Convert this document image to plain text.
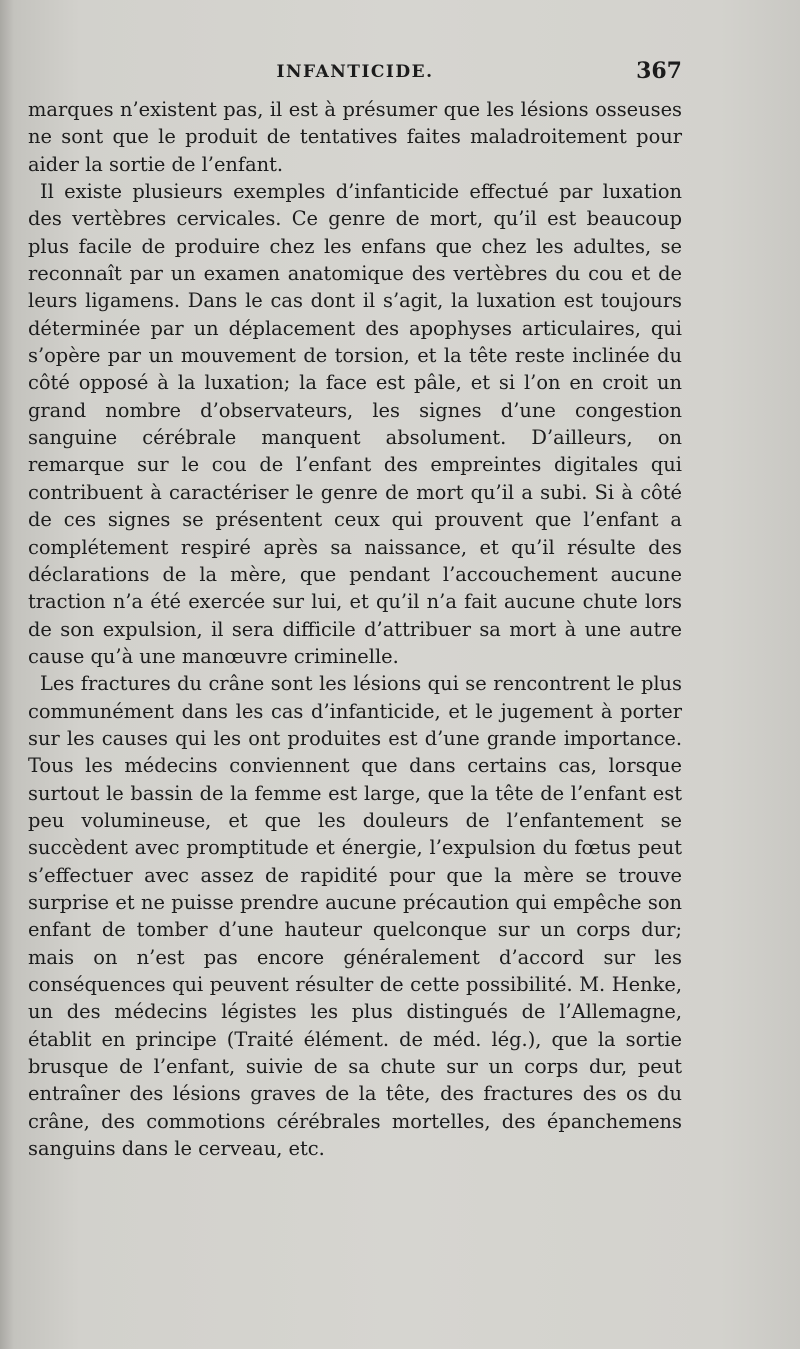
INFANTICIDE.	367

marques n’existent pas, il est à présumer que les lésions osseuses ne sont que le produit de tentatives faites maladroitement pour aider la sortie de l’enfant.

Il existe plusieurs exemples d’infanticide effectué par luxation des vertèbres cervicales. Ce genre de mort, qu’il est beaucoup plus facile de produire chez les enfans que chez les adultes, se reconnaît par un examen anatomique des vertèbres du cou et de leurs ligamens. Dans le cas dont il s’agit, la luxation est toujours déterminée par un déplacement des apophyses articulaires, qui s’opère par un mouvement de torsion, et la tête reste inclinée du côté opposé à la luxation; la face est pâle, et si l’on en croit un grand nombre d’observateurs, les signes d’une congestion sanguine cérébrale manquent absolument. D’ailleurs, on remarque sur le cou de l’enfant des empreintes digitales qui contribuent à caractériser le genre de mort qu’il a subi. Si à côté de ces signes se présentent ceux qui prouvent que l’enfant a complétement respiré après sa naissance, et qu’il résulte des déclarations de la mère, que pendant l’accouchement aucune traction n’a été exercée sur lui, et qu’il n’a fait aucune chute lors de son expulsion, il sera difficile d’attribuer sa mort à une autre cause qu’à une manœuvre criminelle.

Les fractures du crâne sont les lésions qui se rencontrent le plus communément dans les cas d’infanticide, et le jugement à porter sur les causes qui les ont produites est d’une grande importance. Tous les médecins conviennent que dans certains cas, lorsque surtout le bassin de la femme est large, que la tête de l’enfant est peu volumineuse, et que les douleurs de l’enfantement se succèdent avec promptitude et énergie, l’expulsion du fœtus peut s’effectuer avec assez de rapidité pour que la mère se trouve surprise et ne puisse prendre aucune précaution qui empêche son enfant de tomber d’une hauteur quelconque sur un corps dur; mais on n’est pas encore généralement d’accord sur les conséquences qui peuvent résulter de cette possibilité. M. Henke, un des médecins légistes les plus distingués de l’Allemagne, établit en principe (Traité élément. de méd. lég.), que la sortie brusque de l’enfant, suivie de sa chute sur un corps dur, peut entraîner des lésions graves de la tête, des fractures des os du crâne, des commotions cérébrales mortelles, des épanchemens sanguins dans le cerveau, etc.
